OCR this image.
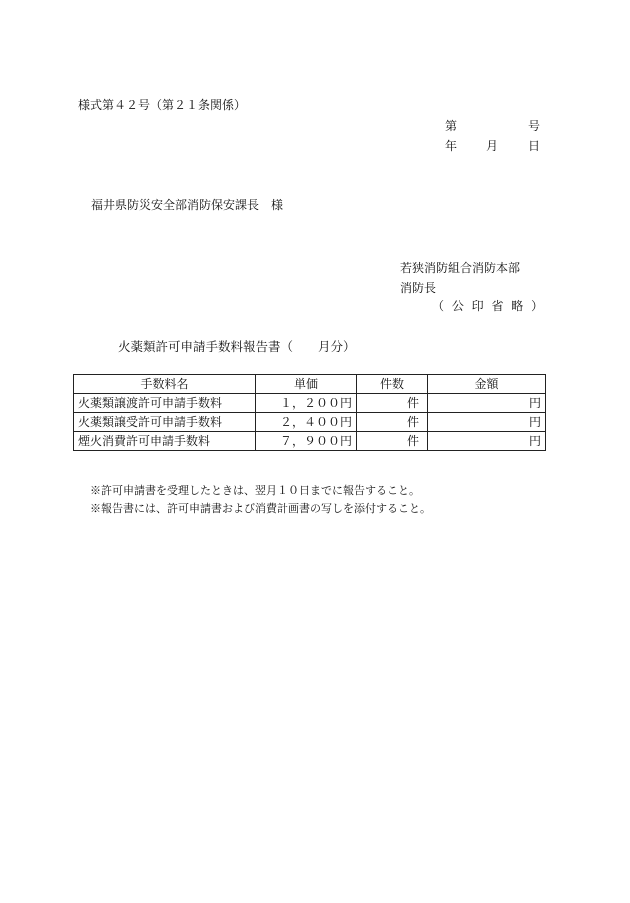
様式第４２号（第２１条関係）
第	号
年 月 日
福井県防災安全部消防保安課長　様
若狭消防組合消防本部
消防長
（ 公 印 省 略 ）
火薬類許可申請手数料報告書（　　月分）
手数料名	単価	件数	金額
火薬類譲渡許可申請手数料	１，２００円	件	円
火薬類譲受許可申請手数料	２，４００円	件	円
煙火消費許可申請手数料	７，９００円	件	円
※許可申請書を受理したときは、翌月１０日までに報告すること。
※報告書には、許可申請書および消費計画書の写しを添付すること。
